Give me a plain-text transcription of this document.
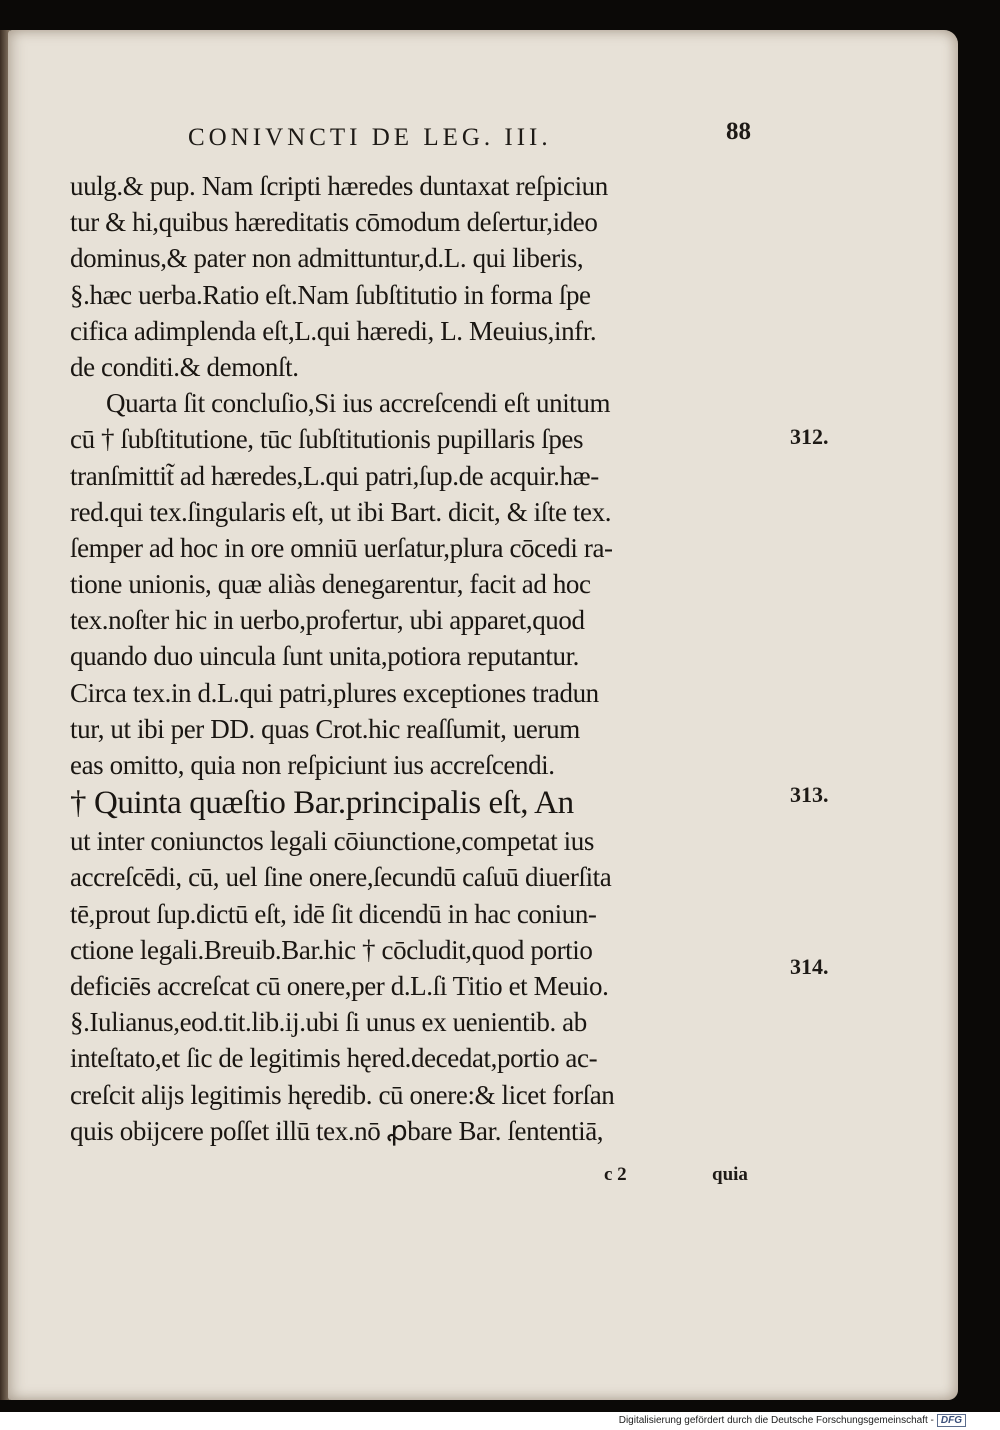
CONIVNCTI DE LEG. III.	88
uulg.& pup. Nam ſcripti hæredes duntaxat reſpiciun
tur & hi,quibus hæreditatis cōmodum deſertur,ideo
dominus,& pater non admittuntur,d.L. qui liberis,
§.hæc uerba.Ratio eſt.Nam ſubſtitutio in forma ſpe
cifica adimplenda eſt,L.qui hæredi, L. Meuius,infr.
de conditi.& demonſt.
Quarta ſit concluſio,Si ius accreſcendi eſt unitum
cū † ſubſtitutione, tūc ſubſtitutionis pupillaris ſpes
tranſmittit̃ ad hæredes,L.qui patri,ſup.de acquir.hæ-
red.qui tex.ſingularis eſt, ut ibi Bart. dicit, & iſte tex.
ſemper ad hoc in ore omniū uerſatur,plura cōcedi ra-
tione unionis, quæ aliàs denegarentur, facit ad hoc
tex.noſter hic in uerbo,profertur, ubi apparet,quod
quando duo uincula ſunt unita,potiora reputantur.
Circa tex.in d.L.qui patri,plures exceptiones tradun
tur, ut ibi per DD. quas Crot.hic reaſſumit, uerum
eas omitto, quia non reſpiciunt ius accreſcendi.
† Quinta quæſtio Bar.principalis eſt, An
ut inter coniunctos legali cōiunctione,competat ius
accreſcēdi, cū, uel ſine onere,ſecundū caſuū diuerſita
tē,prout ſup.dictū eſt, idē ſit dicendū in hac coniun-
ctione legali.Breuib.Bar.hic † cōcludit,quod portio
deficiēs accreſcat cū onere,per d.L.ſi Titio et Meuio.
§.Iulianus,eod.tit.lib.ij.ubi ſi unus ex uenientib. ab
inteſtato,et ſic de legitimis hęred.decedat,portio ac-
creſcit alijs legitimis hęredib. cū onere:& licet forſan
quis obijcere poſſet illū tex.nō ꝓbare Bar. ſententiā,
312.
313.
314.
c 2	quia
Digitalisierung gefördert durch die Deutsche Forschungsgemeinschaft - DFG
